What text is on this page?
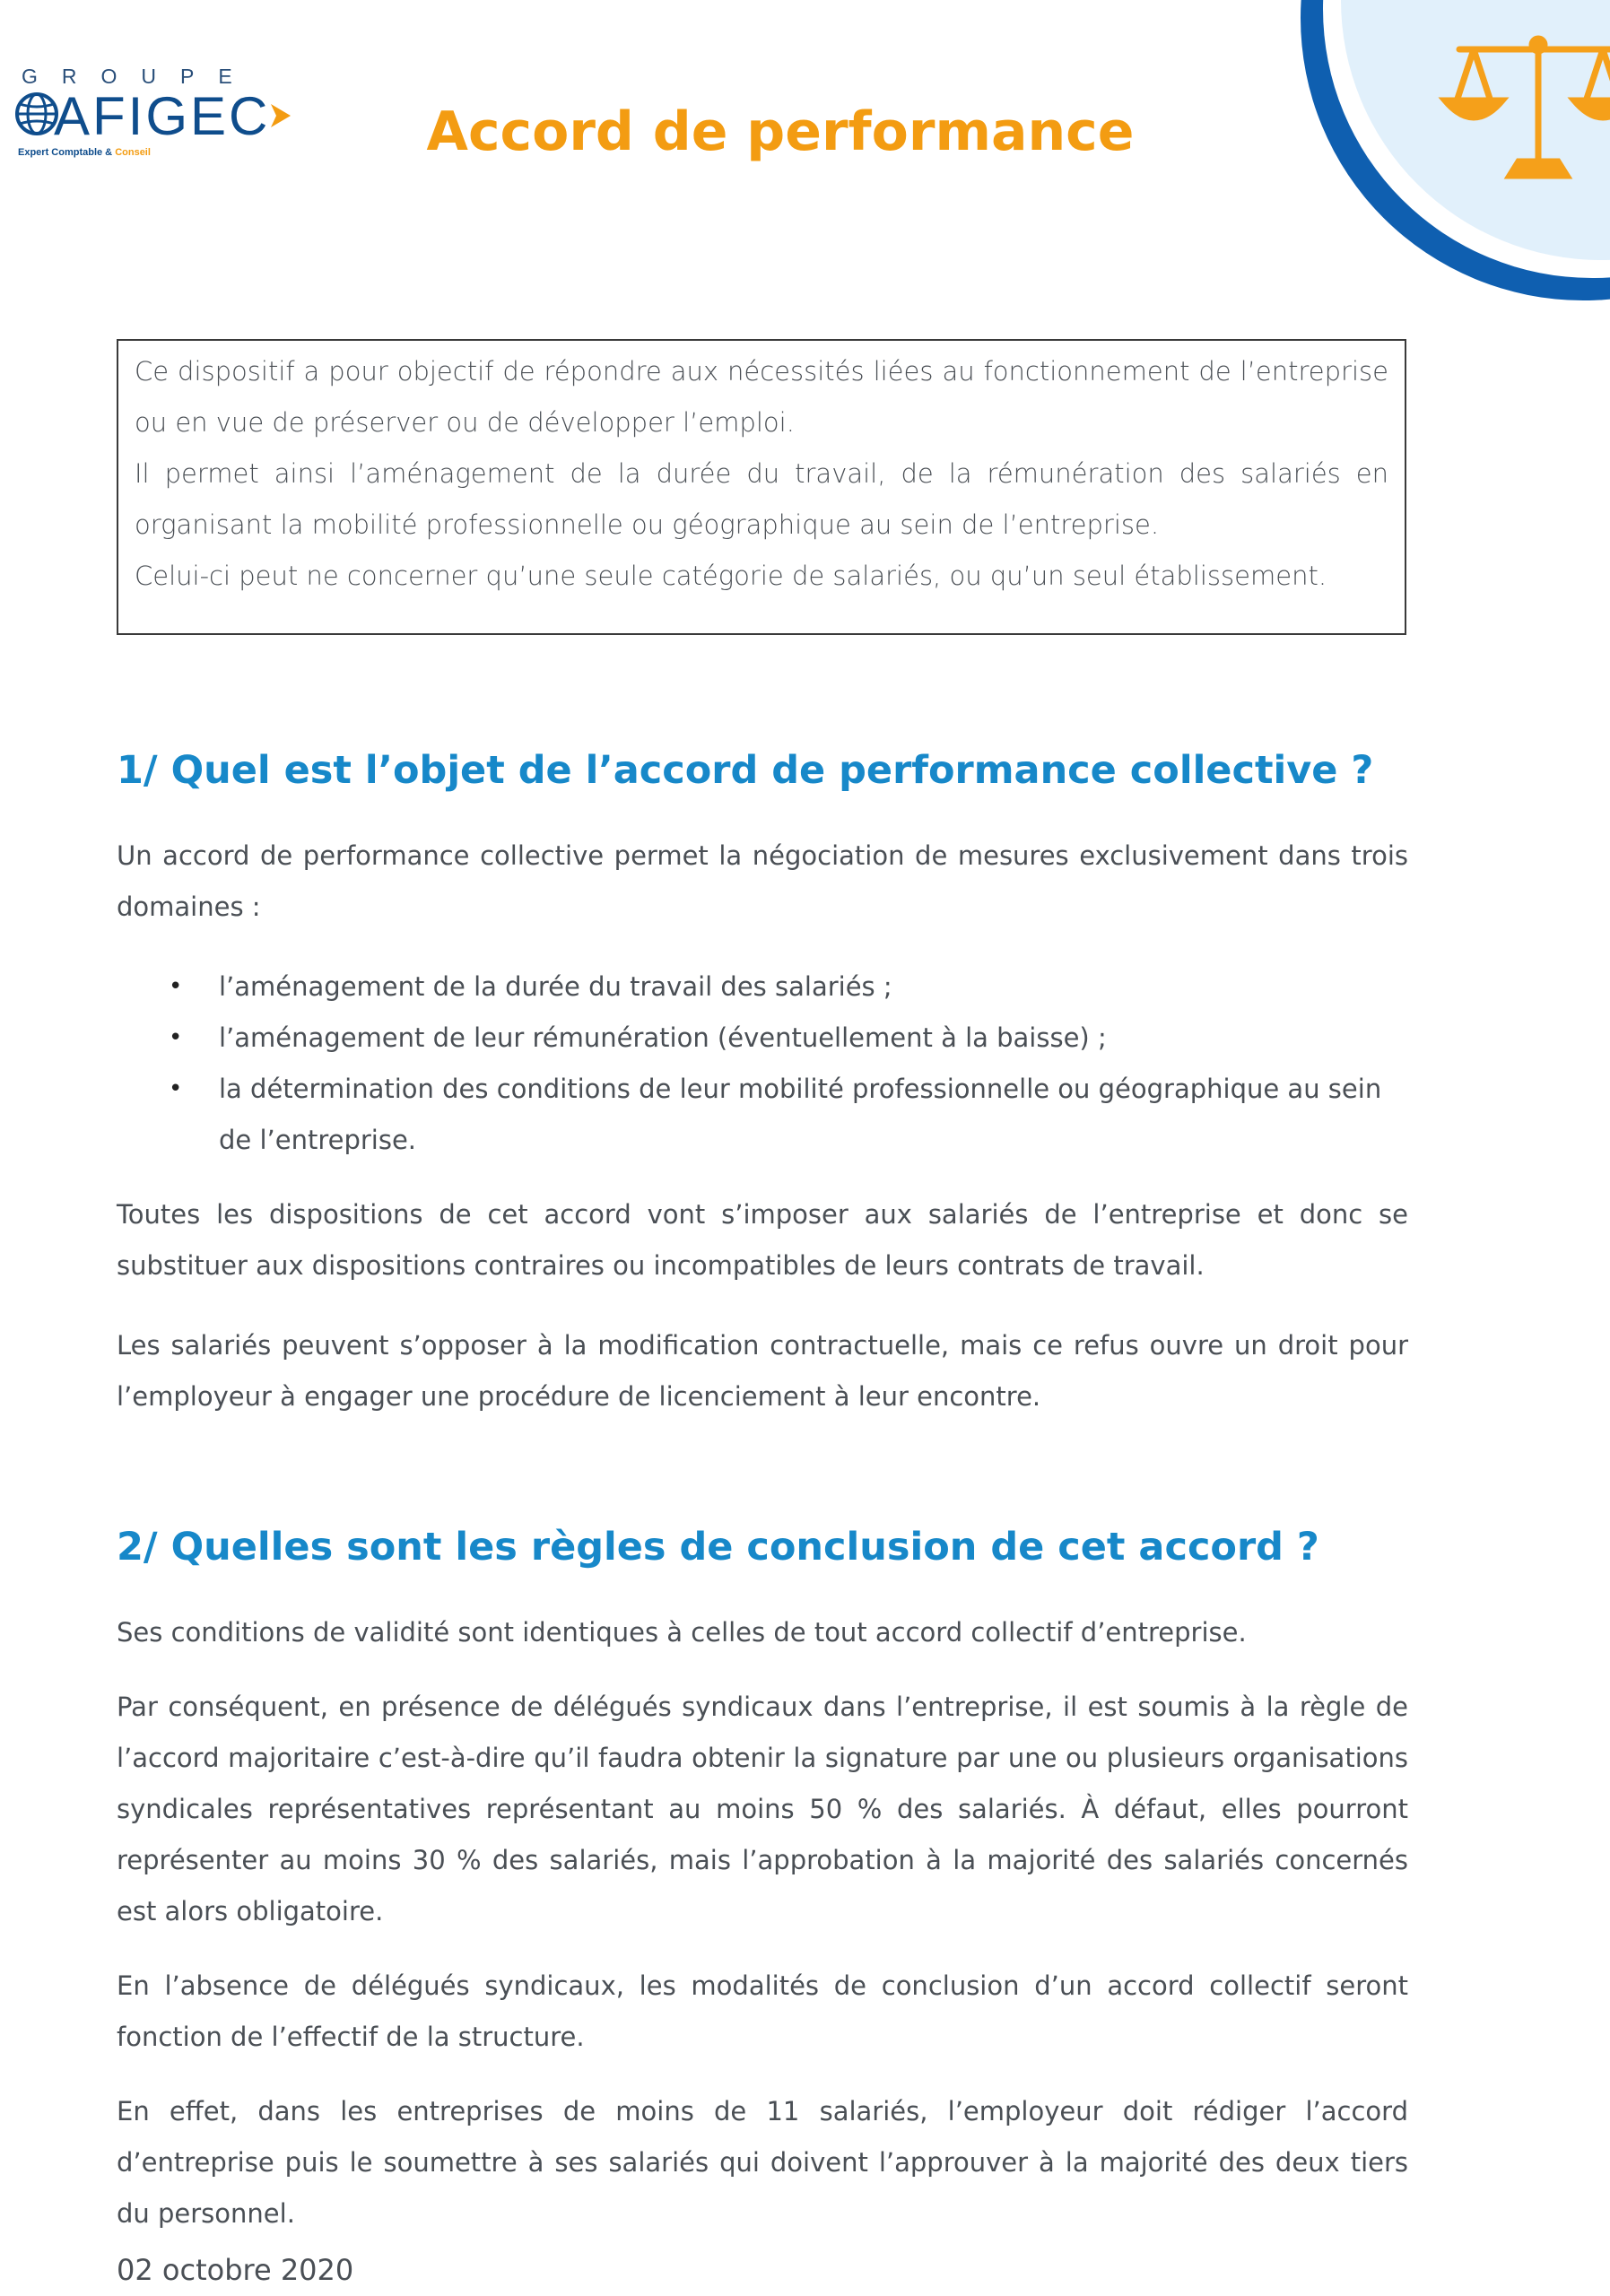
GROUPE
AFIGEC
Expert Comptable & Conseil	Accord de performance

Ce dispositif a pour objectif de répondre aux nécessités liées au fonctionnement de l’entreprise ou en vue de préserver ou de développer l’emploi.

Il permet ainsi l’aménagement de la durée du travail, de la rémunération des salariés en organisant la mobilité professionnelle ou géographique au sein de l’entreprise.

Celui-ci peut ne concerner qu’une seule catégorie de salariés, ou qu’un seul établissement.

1/ Quel est l’objet de l’accord de performance collective ?

Un accord de performance collective permet la négociation de mesures exclusivement dans trois domaines :

• l’aménagement de la durée du travail des salariés ;
• l’aménagement de leur rémunération (éventuellement à la baisse) ;
• la détermination des conditions de leur mobilité professionnelle ou géographique au sein de l’entreprise.

Toutes les dispositions de cet accord vont s’imposer aux salariés de l’entreprise et donc se substituer aux dispositions contraires ou incompatibles de leurs contrats de travail.

Les salariés peuvent s’opposer à la modification contractuelle, mais ce refus ouvre un droit pour l’employeur à engager une procédure de licenciement à leur encontre.

2/ Quelles sont les règles de conclusion de cet accord ?

Ses conditions de validité sont identiques à celles de tout accord collectif d’entreprise.

Par conséquent, en présence de délégués syndicaux dans l’entreprise, il est soumis à la règle de l’accord majoritaire c’est-à-dire qu’il faudra obtenir la signature par une ou plusieurs organisations syndicales représentatives représentant au moins 50 % des salariés. À défaut, elles pourront représenter au moins 30 % des salariés, mais l’approbation à la majorité des salariés concernés est alors obligatoire.

En l’absence de délégués syndicaux, les modalités de conclusion d’un accord collectif seront fonction de l’effectif de la structure.

En effet, dans les entreprises de moins de 11 salariés, l’employeur doit rédiger l’accord d’entreprise puis le soumettre à ses salariés qui doivent l’approuver à la majorité des deux tiers du personnel.

02 octobre 2020
